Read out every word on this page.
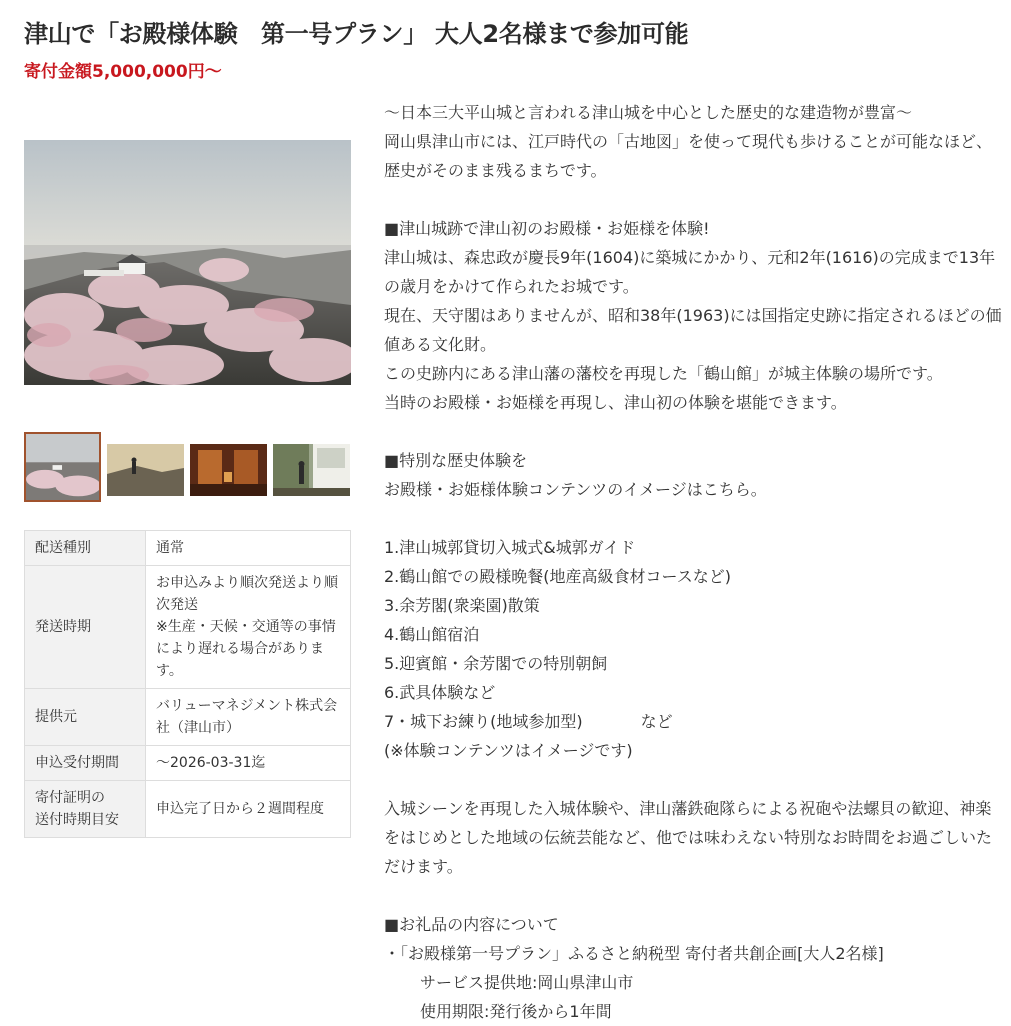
津山で「お殿様体験　第一号プラン」 大人2名様まで参加可能
寄付金額5,000,000円〜
配送種別	通常
発送時期	お申込みより順次発送より順次発送
※生産・天候・交通等の事情により遅れる場合があります。
提供元	バリューマネジメント株式会社（津山市）
申込受付期間	〜2026-03-31迄
寄付証明の
送付時期目安	申込完了日から２週間程度

〜日本三大平山城と言われる津山城を中心とした歴史的な建造物が豊富〜

岡山県津山市には、江戸時代の「古地図」を使って現代も歩けることが可能なほど、歴史がそのまま残るまちです。

■津山城跡で津山初のお殿様・お姫様を体験!

津山城は、森忠政が慶長9年(1604)に築城にかかり、元和2年(1616)の完成まで13年の歳月をかけて作られたお城です。

現在、天守閣はありませんが、昭和38年(1963)には国指定史跡に指定されるほどの価値ある文化財。

この史跡内にある津山藩の藩校を再現した「鶴山館」が城主体験の場所です。

当時のお殿様・お姫様を再現し、津山初の体験を堪能できます。

■特別な歴史体験を

お殿様・お姫様体験コンテンツのイメージはこちら。

1.津山城郭貸切入城式&城郭ガイド

2.鶴山館での殿様晩餐(地産高級食材コースなど)

3.余芳閣(衆楽園)散策

4.鶴山館宿泊

5.迎賓館・余芳閣での特別朝飼

6.武具体験など

7・城下お練り(地域参加型)	など

(※体験コンテンツはイメージです)

入城シーンを再現した入城体験や、津山藩鉄砲隊らによる祝砲や法螺貝の歓迎、神楽をはじめとした地域の伝統芸能など、他では味わえない特別なお時間をお過ごしいただけます。

■お礼品の内容について

・「お殿様第一号プラン」ふるさと納税型 寄付者共創企画[大人2名様]

サービス提供地:岡山県津山市

使用期限:発行後から1年間
